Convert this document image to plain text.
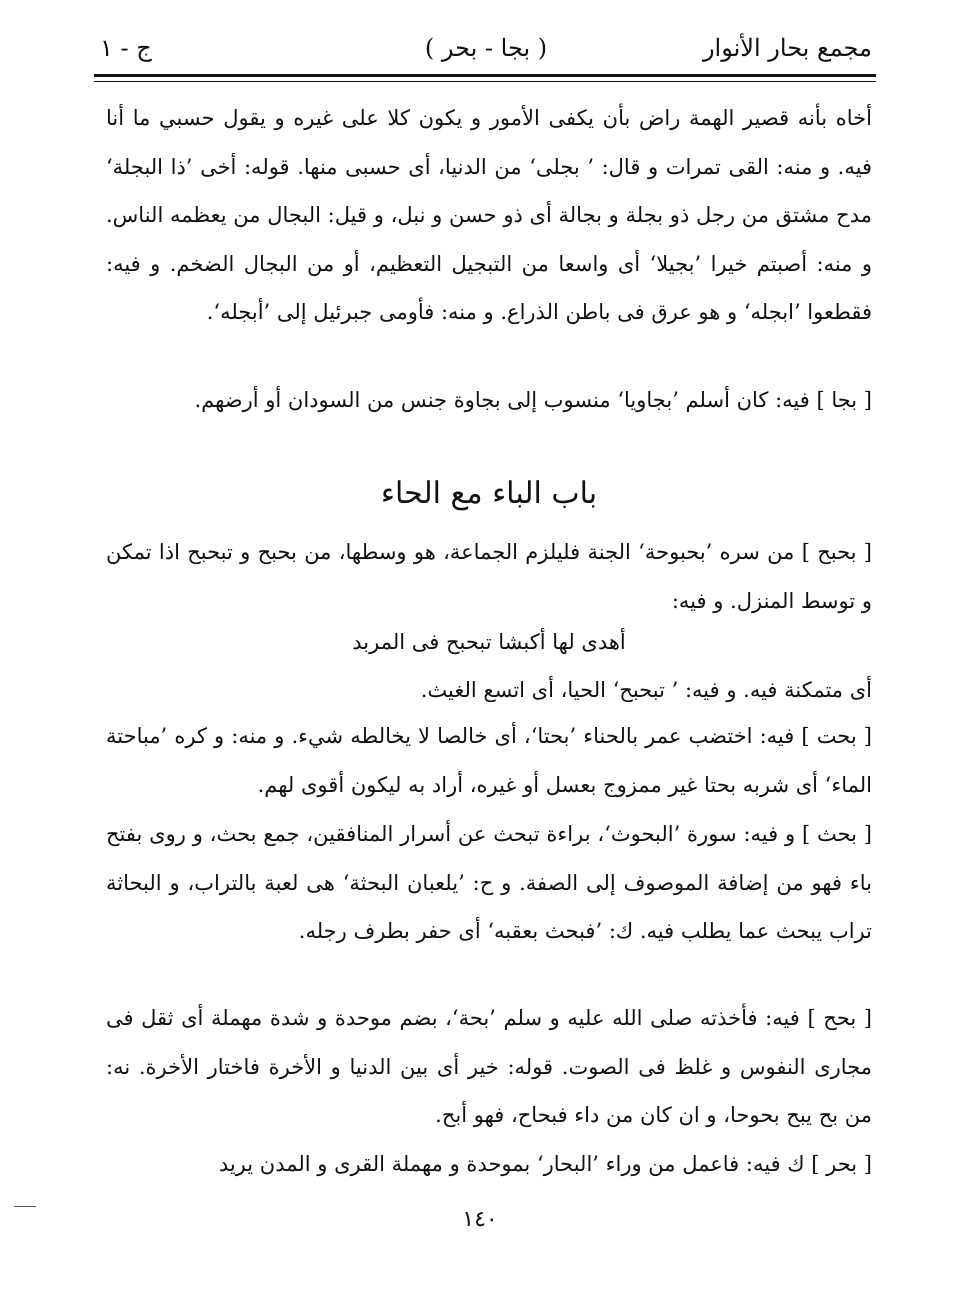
مجمع بحار الأنوار
( بجا - بحر )
ج - ١

أخاه بأنه قصير الهمة راض بأن يكفى الأمور و يكون كلا على غيره و يقول حسبي ما أنا فيه. و منه: القى تمرات و قال: ’ بجلى‘ من الدنيا، أى حسبى منها. قوله: أخى ’ذا البجلة‘ مدح مشتق من رجل ذو بجلة و بجالة أى ذو حسن و نبل، و قيل: البجال من يعظمه الناس. و منه: أصبتم خيرا ’بجيلا‘ أى واسعا من التبجيل التعظيم، أو من البجال الضخم. و فيه: فقطعوا ’ابجله‘ و هو عرق فى باطن الذراع. و منه: فأومى جبرئيل إلى ’أبجله‘.

[ بجا ] فيه: كان أسلم ’بجاويا‘ منسوب إلى بجاوة جنس من السودان أو أرضهم.

باب الباء مع الحاء

[ بحبح ] من سره ’بحبوحة‘ الجنة فليلزم الجماعة، هو وسطها، من بحبح و تبحبح اذا تمكن و توسط المنزل. و فيه:

أهدى لها أكبشا تبحبح فى المربد

أى متمكنة فيه. و فيه: ’ تبحبح‘ الحيا، أى اتسع الغيث.

[ بحت ] فيه: اختضب عمر بالحناء ’بحتا‘، أى خالصا لا يخالطه شيء. و منه: و كره ’مباحتة الماء‘ أى شربه بحتا غير ممزوج بعسل أو غيره، أراد به ليكون أقوى لهم.

[ بحث ] و فيه: سورة ’البحوث‘، براءة تبحث عن أسرار المنافقين، جمع بحث، و روى بفتح باء فهو من إضافة الموصوف إلى الصفة. و ح: ’يلعبان البحثة‘ هى لعبة بالتراب، و البحاثة تراب يبحث عما يطلب فيه. ك: ’فبحث بعقبه‘ أى حفر بطرف رجله.

[ بحح ] فيه: فأخذته صلى الله عليه و سلم ’بحة‘، بضم موحدة و شدة مهملة أى ثقل فى مجارى النفوس و غلظ فى الصوت. قوله: خير أى بين الدنيا و الأخرة فاختار الأخرة. نه: من بح يبح بحوحا، و ان كان من داء فبحاح، فهو أبح.

[ بحر ] ك فيه: فاعمل من وراء ’البحار‘ بموحدة و مهملة القرى و المدن يريد

١٤٠
